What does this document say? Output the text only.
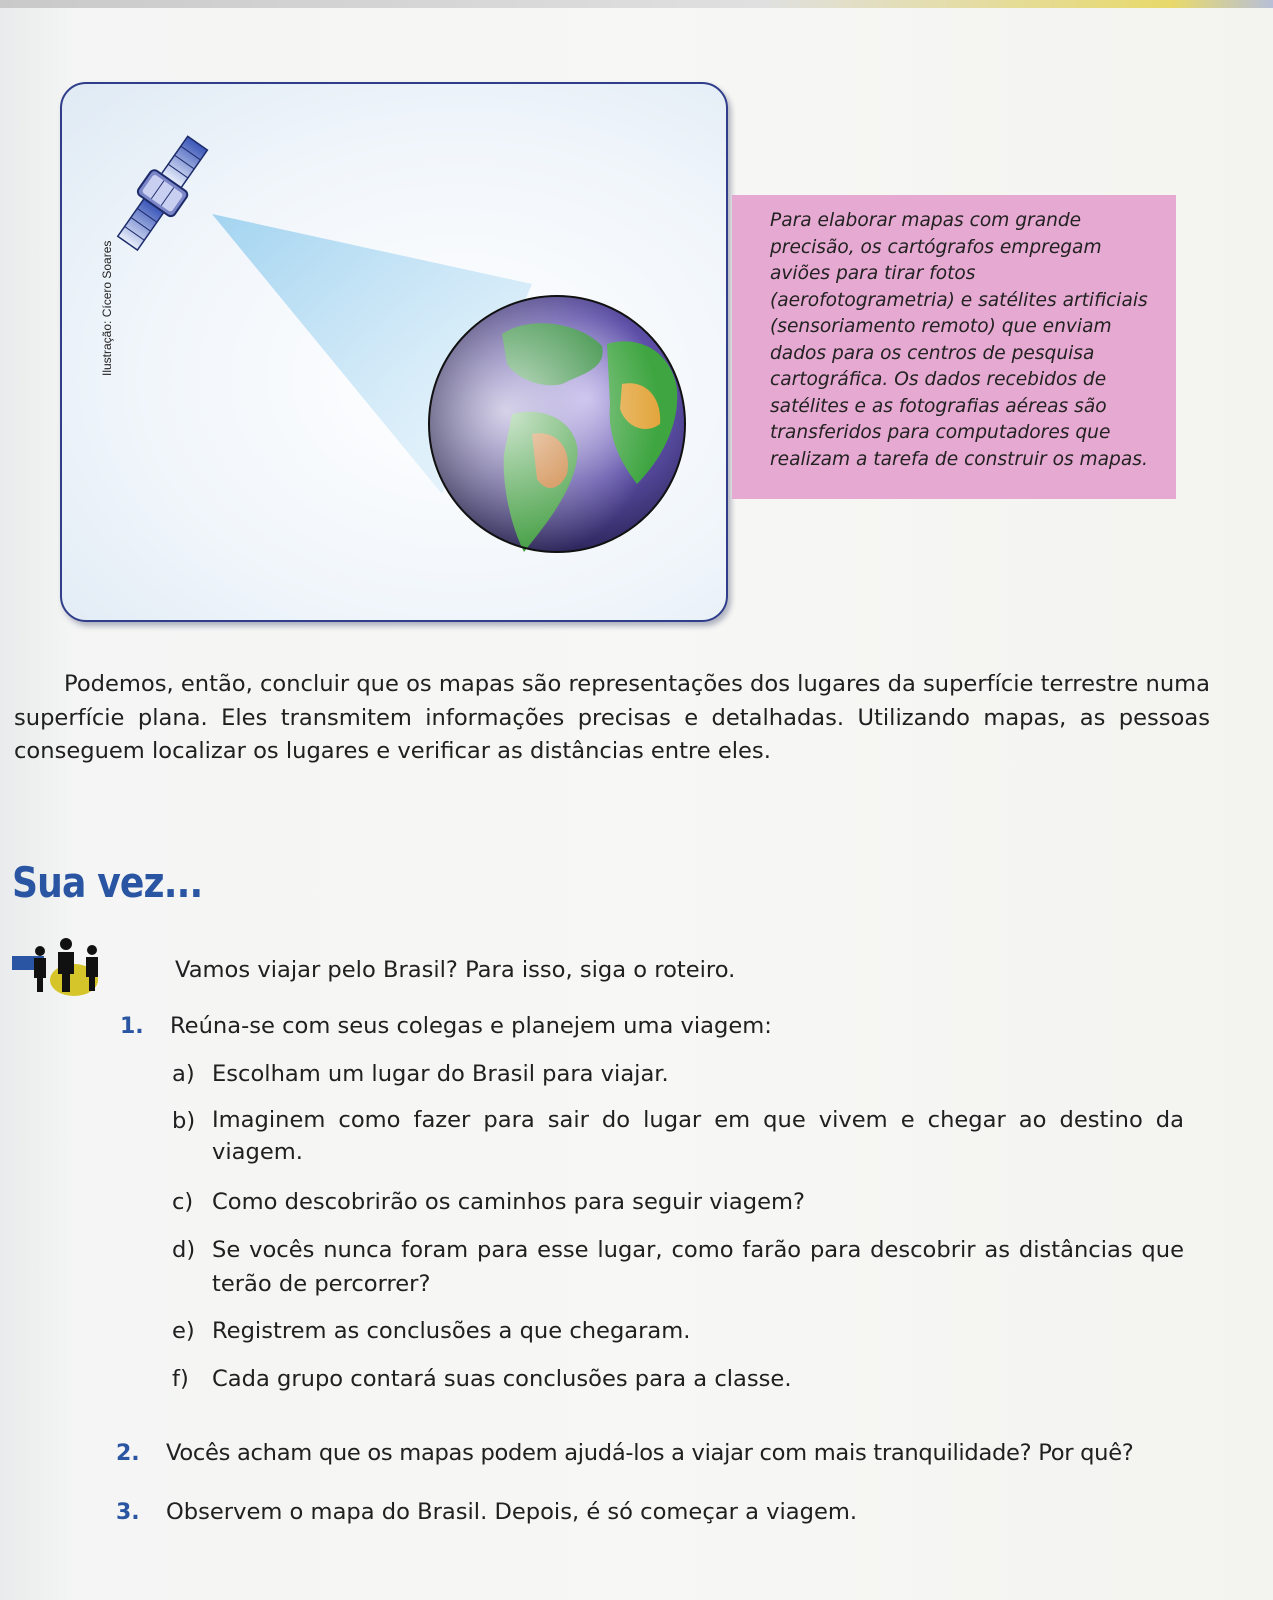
Ilustração: Cícero Soares

Para elaborar mapas com grande precisão, os cartógrafos empregam aviões para tirar fotos (aerofotogrametria) e satélites artificiais (sensoriamento remoto) que enviam dados para os centros de pesquisa cartográfica. Os dados recebidos de satélites e as fotografias aéreas são transferidos para computadores que realizam a tarefa de construir os mapas.

Podemos, então, concluir que os mapas são representações dos lugares da superfície terrestre numa superfície plana. Eles transmitem informações precisas e detalhadas. Utilizando mapas, as pessoas conseguem localizar os lugares e verificar as distâncias entre eles.

Sua vez...
Vamos viajar pelo Brasil? Para isso, siga o roteiro.
1. Reúna-se com seus colegas e planejem uma viagem:
a) Escolham um lugar do Brasil para viajar.
b) Imaginem como fazer para sair do lugar em que vivem e chegar ao destino da viagem.
c) Como descobrirão os caminhos para seguir viagem?
d) Se vocês nunca foram para esse lugar, como farão para descobrir as distâncias que terão de percorrer?
e) Registrem as conclusões a que chegaram.
f) Cada grupo contará suas conclusões para a classe.
2. Vocês acham que os mapas podem ajudá-los a viajar com mais tranquilidade? Por quê?
3. Observem o mapa do Brasil. Depois, é só começar a viagem.
